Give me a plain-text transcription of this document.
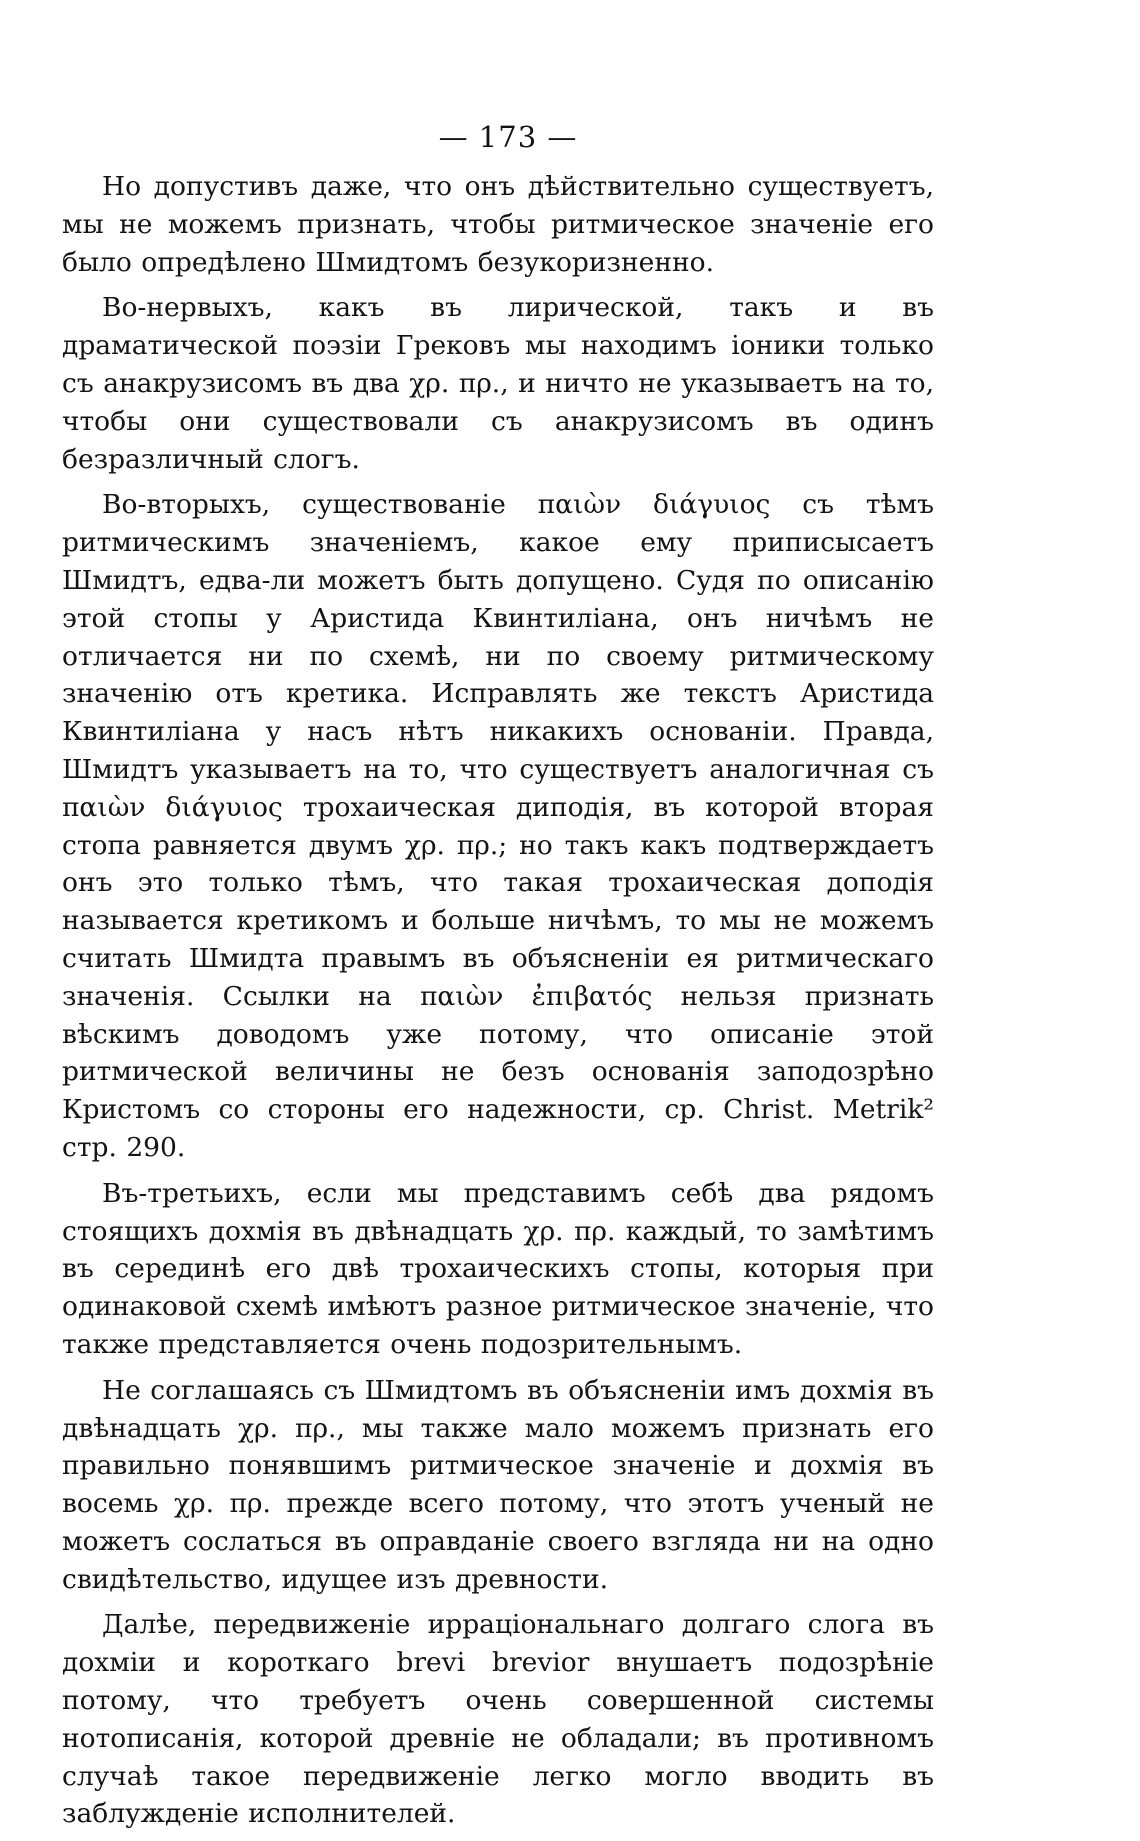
— 173 —

Но допустивъ даже, что онъ дѣйствительно существуетъ, мы не можемъ признать, чтобы ритмическое значенiе его было опредѣлено Шмидтомъ безукоризненно.

Во-нервыхъ, какъ въ лирической, такъ и въ драматической поэзiи Грековъ мы находимъ iоники только съ анакрузисомъ въ два χρ. πρ., и ничто не указываетъ на то, чтобы они существовали съ анакрузисомъ въ одинъ безразличный слогъ.

Во-вторыхъ, существованiе παιὼν διάγυιος съ тѣмъ ритмическимъ значенiемъ, какое ему приписысаетъ Шмидтъ, едва-ли можетъ быть допущено. Судя по описанiю этой стопы у Аристида Квинтилiана, онъ ничѣмъ не отличается ни по схемѣ, ни по своему ритмическому значенiю отъ кретика. Исправлять же текстъ Аристида Квинтилiана у насъ нѣтъ никакихъ основанiи. Правда, Шмидтъ указываетъ на то, что существуетъ аналогичная съ παιὼν διάγυιος трохаическая диподiя, въ которой вторая стопа равняется двумъ χρ. πρ.; но такъ какъ подтверждаетъ онъ это только тѣмъ, что такая трохаическая доподiя называется кретикомъ и больше ничѣмъ, то мы не можемъ считать Шмидта правымъ въ объясненiи ея ритмическаго значенiя. Ссылки на παιὼν ἐπιβατός нельзя признать вѣскимъ доводомъ уже потому, что описанiе этой ритмической величины не безъ основанiя заподозрѣно Кристомъ со стороны его надежности, ср. Christ. Metrik² стр. 290.

Въ-третьихъ, если мы представимъ себѣ два рядомъ стоящихъ дохмiя въ двѣнадцать χρ. πρ. каждый, то замѣтимъ въ серединѣ его двѣ трохаическихъ стопы, которыя при одинаковой схемѣ имѣютъ разное ритмическое значенiе, что также представляется очень подозрительнымъ.

Не соглашаясь съ Шмидтомъ въ объясненiи имъ дохмiя въ двѣнадцать χρ. πρ., мы также мало можемъ признать его правильно понявшимъ ритмическое значенiе и дохмiя въ восемь χρ. πρ. прежде всего потому, что этотъ ученый не можетъ сослаться въ оправданiе своего взгляда ни на одно свидѣтельство, идущее изъ древности.

Далѣе, передвиженiе ирраціональнаго долгаго слога въ дохмiи и короткаго brevi brevior внушаетъ подозрѣнiе потому, что требуетъ очень совершенной системы нотописанiя, которой древнiе не обладали; въ противномъ случаѣ такое передвиженiе легко могло вводить въ заблужденiе исполнителей.
